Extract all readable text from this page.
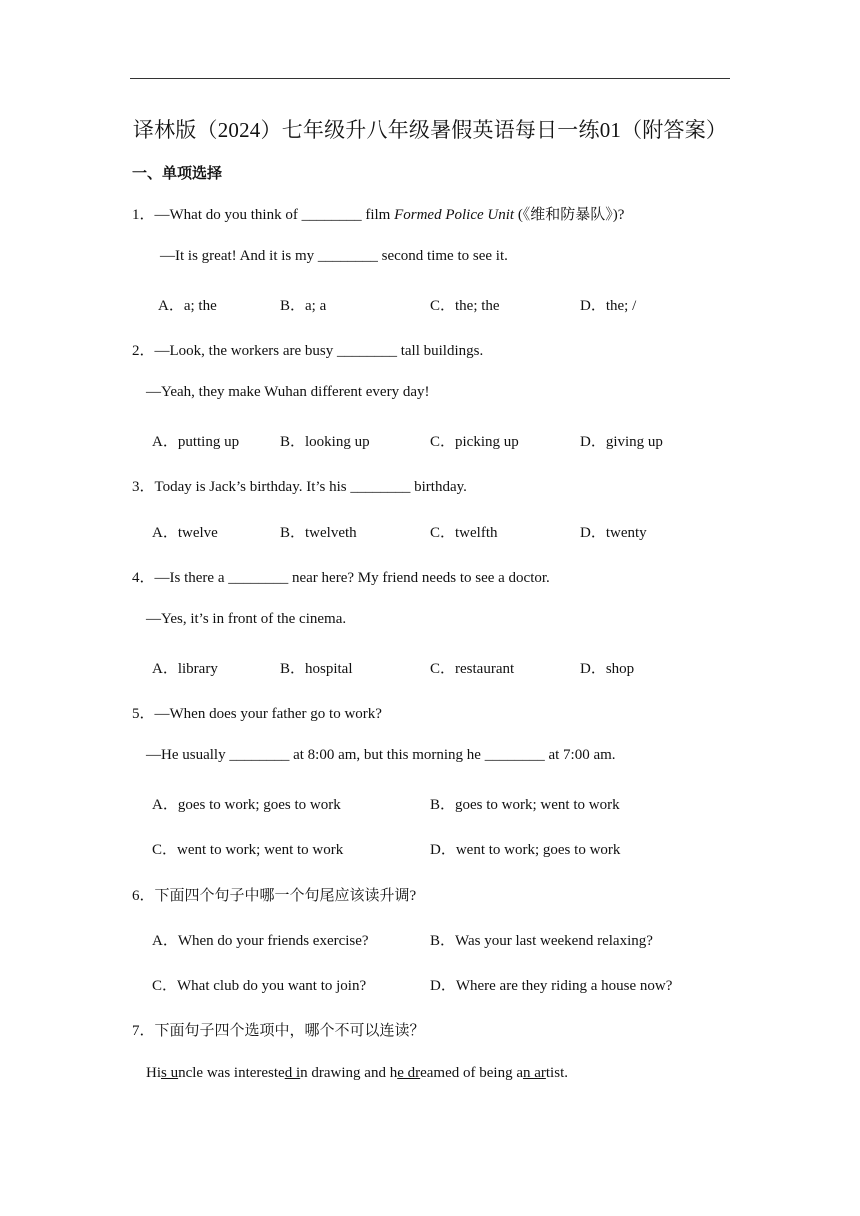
译林版（2024）七年级升八年级暑假英语每日一练01（附答案）
一、单项选择
1．—What do you think of ________ film Formed Police Unit (《维和防暴队》)?
—It is great! And it is my ________ second time to see it.
A．a; the	B．a; a	C．the; the	D．the; /
2．—Look, the workers are busy ________ tall buildings.
—Yeah, they make Wuhan different every day!
A．putting up	B．looking up	C．picking up	D．giving up
3．Today is Jack’s birthday. It’s his ________ birthday.
A．twelve	B．twelveth	C．twelfth	D．twenty
4．—Is there a ________ near here? My friend needs to see a doctor.
—Yes, it’s in front of the cinema.
A．library	B．hospital	C．restaurant	D．shop
5．—When does your father go to work?
—He usually ________ at 8:00 am, but this morning he ________ at 7:00 am.
A．goes to work; goes to work	B．goes to work; went to work
C．went to work; went to work	D．went to work; goes to work
6．下面四个句子中哪一个句尾应该读升调?
A．When do your friends exercise?	B．Was your last weekend relaxing?
C．What club do you want to join?	D．Where are they riding a house now?
7．下面句子四个选项中，哪个不可以连读？
His uncle was interested in drawing and he dreamed of being an artist.
